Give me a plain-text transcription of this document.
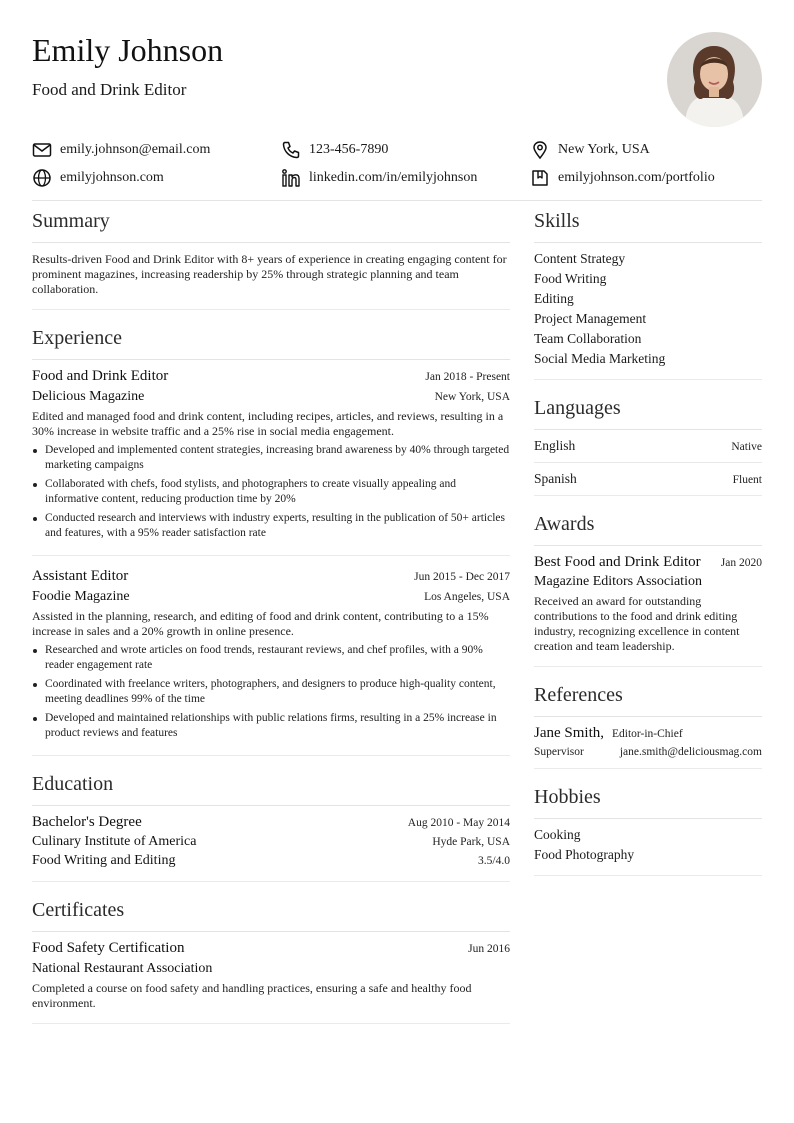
Emily Johnson
Food and Drink Editor
emily.johnson@email.com	123-456-7890	New York, USA
emilyjohnson.com	linkedin.com/in/emilyjohnson	emilyjohnson.com/portfolio
Summary

Results-driven Food and Drink Editor with 8+ years of experience in creating engaging content for prominent magazines, increasing readership by 25% through strategic planning and team collaboration.

Experience
Food and Drink Editor	Jan 2018 - Present
Delicious Magazine	New York, USA

Edited and managed food and drink content, including recipes, articles, and reviews, resulting in a 30% increase in website traffic and a 25% rise in social media engagement.

Developed and implemented content strategies, increasing brand awareness by 40% through targeted marketing campaigns
Collaborated with chefs, food stylists, and photographers to create visually appealing and informative content, reducing production time by 20%
Conducted research and interviews with industry experts, resulting in the publication of 50+ articles and features, with a 95% reader satisfaction rate
Assistant Editor	Jun 2015 - Dec 2017
Foodie Magazine	Los Angeles, USA

Assisted in the planning, research, and editing of food and drink content, contributing to a 15% increase in sales and a 20% growth in online presence.

Researched and wrote articles on food trends, restaurant reviews, and chef profiles, with a 90% reader engagement rate
Coordinated with freelance writers, photographers, and designers to produce high-quality content, meeting deadlines 99% of the time
Developed and maintained relationships with public relations firms, resulting in a 25% increase in product reviews and features
Education
Bachelor's Degree	Aug 2010 - May 2014
Culinary Institute of America	Hyde Park, USA
Food Writing and Editing	3.5/4.0
Certificates
Food Safety Certification	Jun 2016
National Restaurant Association

Completed a course on food safety and handling practices, ensuring a safe and healthy food environment.

Skills
Content Strategy
Food Writing
Editing
Project Management
Team Collaboration
Social Media Marketing
Languages
English	Native
Spanish	Fluent
Awards
Best Food and Drink Editor Jan 2020
Magazine Editors Association

Received an award for outstanding contributions to the food and drink editing industry, recognizing excellence in content creation and team leadership.

References
Jane Smith, Editor-in-Chief
Supervisor	jane.smith@deliciousmag.com
Hobbies
Cooking
Food Photography
